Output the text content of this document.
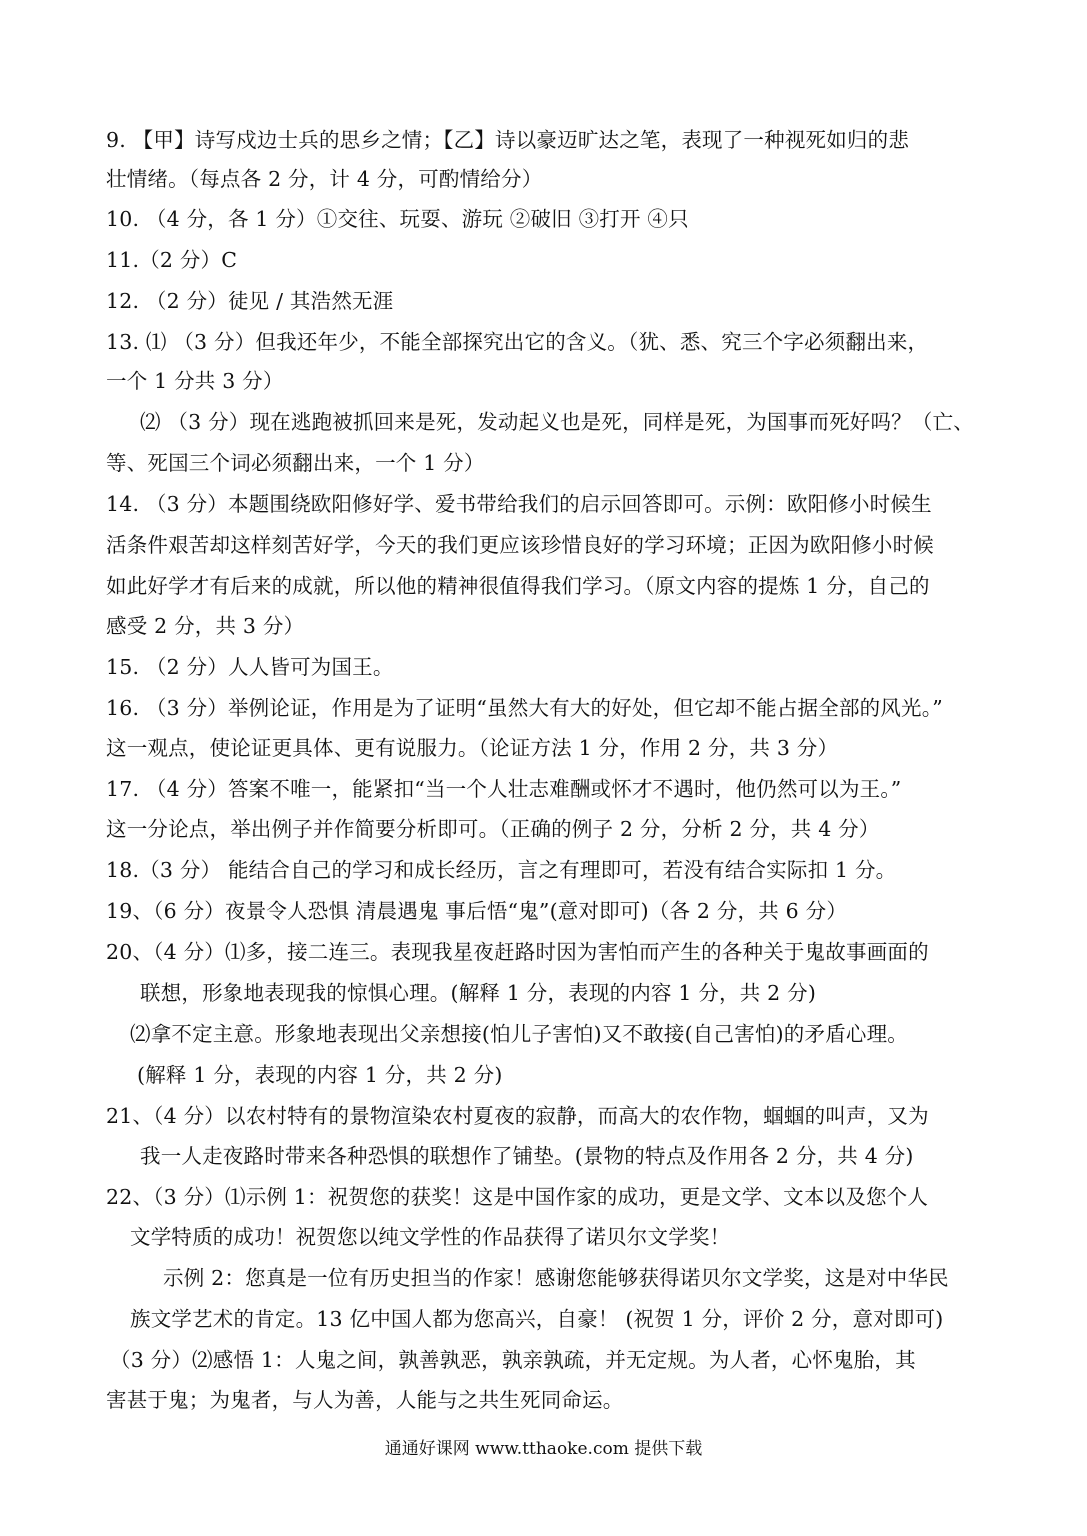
9. 【甲】诗写戍边士兵的思乡之情；【乙】诗以豪迈旷达之笔，表现了一种视死如归的悲
壮情绪。（每点各 2 分，计 4 分，可酌情给分）
10. （4 分，各 1 分）①交往、玩耍、游玩 ②破旧 ③打开 ④只
11.（2 分）C
12. （2 分）徒见 / 其浩然无涯
13. ⑴ （3 分）但我还年少，不能全部探究出它的含义。（犹、悉、究三个字必须翻出来，
一个 1 分共 3 分）
⑵ （3 分）现在逃跑被抓回来是死，发动起义也是死，同样是死，为国事而死好吗？（亡、
等、死国三个词必须翻出来，一个 1 分）
14. （3 分）本题围绕欧阳修好学、爱书带给我们的启示回答即可。示例：欧阳修小时候生
活条件艰苦却这样刻苦好学，今天的我们更应该珍惜良好的学习环境；正因为欧阳修小时候
如此好学才有后来的成就，所以他的精神很值得我们学习。（原文内容的提炼 1 分，自己的
感受 2 分，共 3 分）
15. （2 分）人人皆可为国王。
16. （3 分）举例论证，作用是为了证明“虽然大有大的好处，但它却不能占据全部的风光。”
这一观点，使论证更具体、更有说服力。（论证方法 1 分，作用 2 分，共 3 分）
17. （4 分）答案不唯一，能紧扣“当一个人壮志难酬或怀才不遇时，他仍然可以为王。”
这一分论点，举出例子并作简要分析即可。（正确的例子 2 分，分析 2 分，共 4 分）
18.（3 分） 能结合自己的学习和成长经历，言之有理即可，若没有结合实际扣 1 分。
19、（6 分）夜景令人恐惧 清晨遇鬼 事后悟“鬼”(意对即可)（各 2 分，共 6 分）
20、（4 分）⑴多，接二连三。表现我星夜赶路时因为害怕而产生的各种关于鬼故事画面的
联想，形象地表现我的惊惧心理。(解释 1 分，表现的内容 1 分，共 2 分)
⑵拿不定主意。形象地表现出父亲想接(怕儿子害怕)又不敢接(自己害怕)的矛盾心理。
(解释 1 分，表现的内容 1 分，共 2 分)
21、（4 分）以农村特有的景物渲染农村夏夜的寂静，而高大的农作物，蝈蝈的叫声，又为
我一人走夜路时带来各种恐惧的联想作了铺垫。(景物的特点及作用各 2 分，共 4 分)
22、（3 分）⑴示例 1：祝贺您的获奖！这是中国作家的成功，更是文学、文本以及您个人
文学特质的成功！祝贺您以纯文学性的作品获得了诺贝尔文学奖！
示例 2：您真是一位有历史担当的作家！感谢您能够获得诺贝尔文学奖，这是对中华民
族文学艺术的肯定。13 亿中国人都为您高兴，自豪！ (祝贺 1 分，评价 2 分，意对即可)
（3 分）⑵感悟 1：人鬼之间，孰善孰恶，孰亲孰疏，并无定规。为人者，心怀鬼胎，其
害甚于鬼；为鬼者，与人为善，人能与之共生死同命运。
通通好课网 www.tthaoke.com 提供下载
